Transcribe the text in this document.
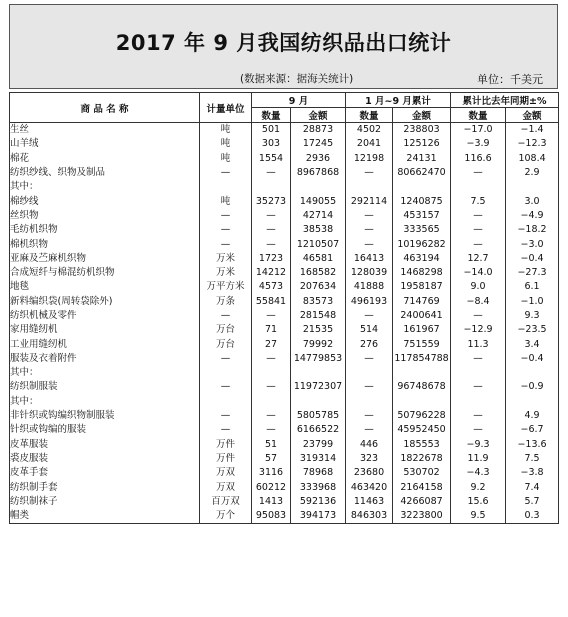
2017 年 9 月我国纺织品出口统计
(数据来源：据海关统计)	单位：千美元
商 品 名 称	计量单位	9 月		1 月~9 月累计		累计比去年同期±%	
		数量	金额	数量	金额	数量	金额
生丝	吨	501	28873	4502	238803	−17.0	−1.4
山羊绒	吨	303	17245	2041	125126	−3.9	−12.3
棉花	吨	1554	2936	12198	24131	116.6	108.4
纺织纱线、织物及制品	—	—	8967868	—	80662470	—	2.9
其中：							
棉纱线	吨	35273	149055	292114	1240875	7.5	3.0
丝织物	—	—	42714	—	453157	—	−4.9
毛纺机织物	—	—	38538	—	333565	—	−18.2
棉机织物	—	—	1210507	—	10196282	—	−3.0
亚麻及苎麻机织物	万米	1723	46581	16413	463194	12.7	−0.4
合成短纤与棉混纺机织物	万米	14212	168582	128039	1468298	−14.0	−27.3
地毯	万平方米	4573	207634	41888	1958187	9.0	6.1
新料编织袋(周转袋除外)	万条	55841	83573	496193	714769	−8.4	−1.0
纺织机械及零件	—	—	281548	—	2400641	—	9.3
家用缝纫机	万台	71	21535	514	161967	−12.9	−23.5
工业用缝纫机	万台	27	79992	276	751559	11.3	3.4
服装及衣着附件	—	—	14779853	—	117854788	—	−0.4
其中：							
纺织制服装	—	—	11972307	—	96748678	—	−0.9
其中：							
非针织或钩编织物制服装	—	—	5805785	—	50796228	—	4.9
针织或钩编的服装	—	—	6166522	—	45952450	—	−6.7
皮革服装	万件	51	23799	446	185553	−9.3	−13.6
裘皮服装	万件	57	319314	323	1822678	11.9	7.5
皮革手套	万双	3116	78968	23680	530702	−4.3	−3.8
纺织制手套	万双	60212	333968	463420	2164158	9.2	7.4
纺织制袜子	百万双	1413	592136	11463	4266087	15.6	5.7
帽类	万个	95083	394173	846303	3223800	9.5	0.3
